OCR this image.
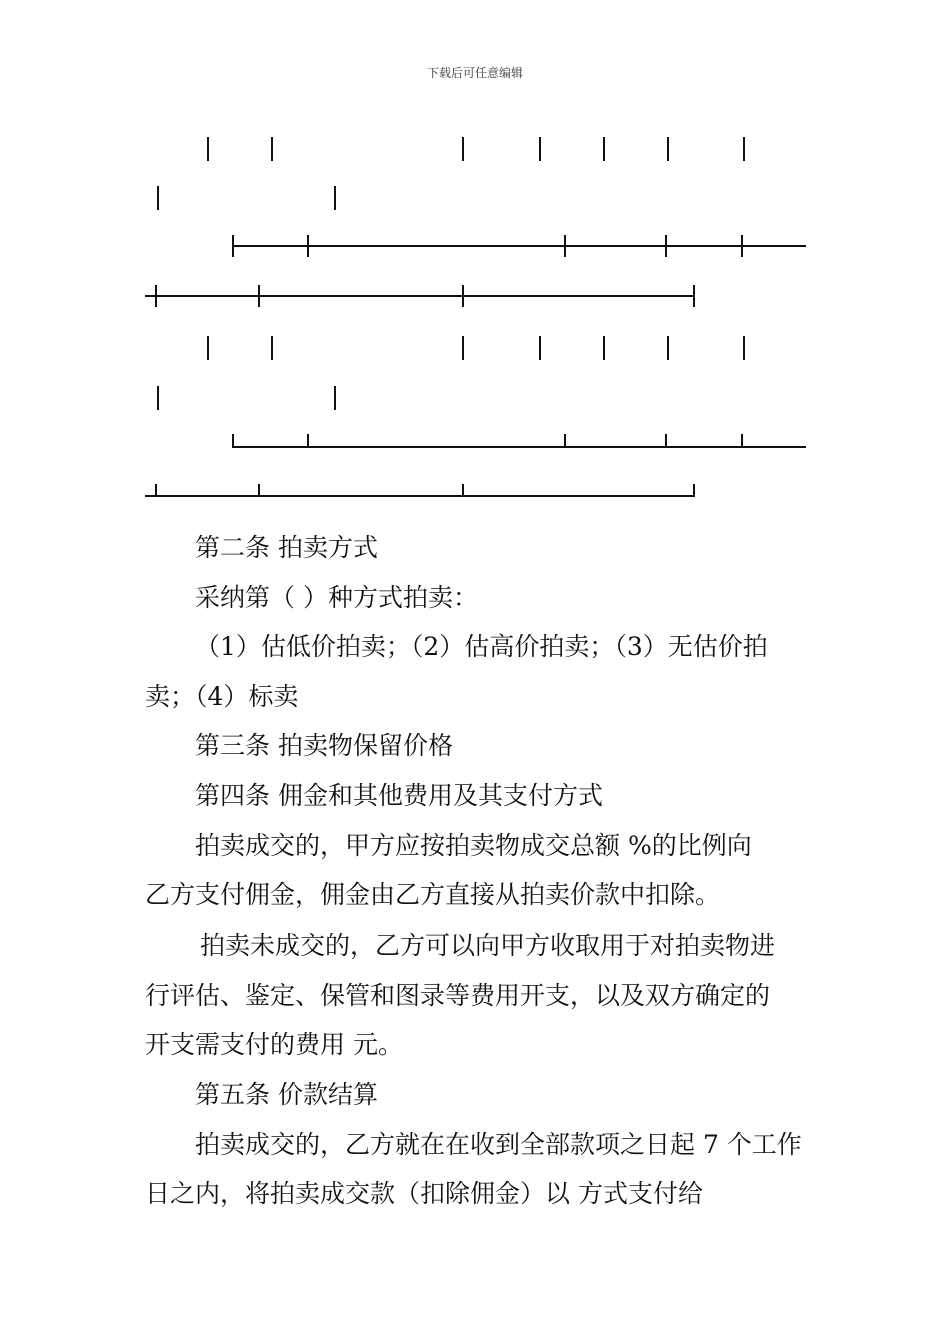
下载后可任意编辑
第二条 拍卖方式
采纳第（ ）种方式拍卖：
（1）估低价拍卖；（2）估高价拍卖；（3）无估价拍
卖；（4）标卖
第三条 拍卖物保留价格
第四条 佣金和其他费用及其支付方式
拍卖成交的，甲方应按拍卖物成交总额 %的比例向
乙方支付佣金，佣金由乙方直接从拍卖价款中扣除。
拍卖未成交的，乙方可以向甲方收取用于对拍卖物进
行评估、鉴定、保管和图录等费用开支，以及双方确定的
开支需支付的费用 元。
第五条 价款结算
拍卖成交的，乙方就在在收到全部款项之日起 7 个工作
日之内，将拍卖成交款（扣除佣金）以 方式支付给
